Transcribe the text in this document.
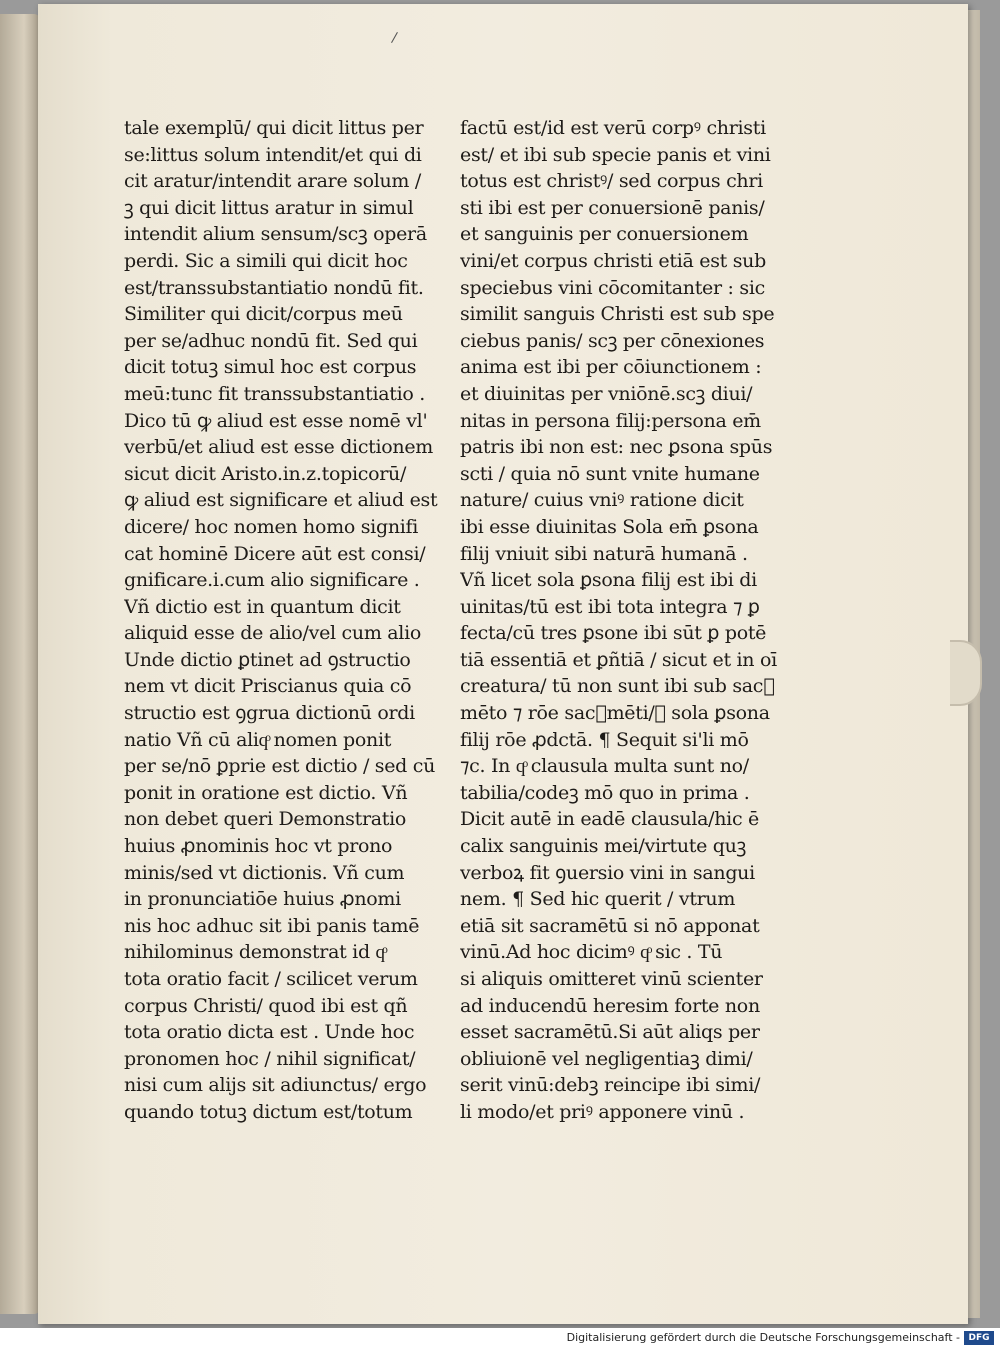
/
tale exemplū/ qui dicit littus per
se:littus solum intendit/et qui di
cit aratur/intendit arare solum /
ꝫ qui dicit littus aratur in simul
intendit alium sensum/scꝫ operā
perdi. Sic a simili qui dicit hoc
est/transsubstantiatio nondū fit.
Similiter qui dicit/corpus meū
per se/adhuc nondū fit. Sed qui
dicit totuꝫ simul hoc est corpus
meū:tunc fit transsubstantiatio .
Dico tū ꝙ aliud est esse nomē vl'
verbū/et aliud est esse dictionem
sicut dicit Aristo.in.z.topicorū/
ꝙ aliud est significare et aliud est
dicere/ hoc nomen homo signifi
cat hominē Dicere aūt est consi/
gnificare.i.cum alio significare .
Vñ dictio est in quantum dicit
aliquid esse de alio/vel cum alio
Unde dictio ꝑtinet ad ꝯstructio
nem vt dicit Priscianus quia cō
structio est ꝯgrua dictionū ordi
natio Vñ cū aliqͦ nomen ponit
per se/nō ꝑprie est dictio / sed cū
ponit in oratione est dictio. Vñ
non debet queri Demonstratio
huius ꝓnominis hoc vt prono
minis/sed vt dictionis. Vñ cum
in pronunciatiōe huius ꝓnomi
nis hoc adhuc sit ibi panis tamē
nihilominus demonstrat id qͦ
tota oratio facit / scilicet verum
corpus Christi/ quod ibi est qñ
tota oratio dicta est . Unde hoc
pronomen hoc / nihil significat/
nisi cum alijs sit adiunctus/ ergo
quando totuꝫ dictum est/totum
factū est/id est verū corpꝰ christi
est/ et ibi sub specie panis et vini
totus est christꝰ/ sed corpus chri
sti ibi est per conuersionē panis/
et sanguinis per conuersionem
vini/et corpus christi etiā est sub
speciebus vini cōcomitanter : sic
similit sanguis Christi est sub spe
ciebus panis/ scꝫ per cōnexiones
anima est ibi per cōiunctionem :
et diuinitas per vniōnē.scꝫ diui/
nitas in persona filij:persona em̄
patris ibi non est: nec ꝑsona spūs
scti / quia nō sunt vnite humane
nature/ cuius vniꝰ ratione dicit
ibi esse diuinitas Sola em̄ ꝑsona
filij vniuit sibi naturā humanā .
Vñ licet sola ꝑsona filij est ibi di
uinitas/tū est ibi tota integra ⁊ ꝑ
fecta/cū tres ꝑsone ibi sūt ꝑ potē
tiā essentiā et ꝑñtiā / sicut et in oī
creatura/ tū non sunt ibi sub sacᷓ
mēto ⁊ rōe sacᷓmēti/ꝫ sola ꝑsona
filij rōe ꝓdctā. ¶ Sequit si'li mō
⁊c. In qͦ clausula multa sunt no/
tabilia/codeꝫ mō quo in prima .
Dicit autē in eadē clausula/hic ē
calix sanguinis mei/virtute quꝫ
verboꝝ fit ꝯuersio vini in sangui
nem. ¶ Sed hic querit / vtrum
etiā sit sacramētū si nō apponat
vinū.Ad hoc dicimꝰ qͦ sic . Tū
si aliquis omitteret vinū scienter
ad inducendū heresim forte non
esset sacramētū.Si aūt aliqs per
obliuionē vel negligentiaꝫ dimi/
serit vinū:debꝫ reincipe ibi simi/
li modo/et priꝰ apponere vinū .
Digitalisierung gefördert durch die Deutsche Forschungsgemeinschaft - DFG
